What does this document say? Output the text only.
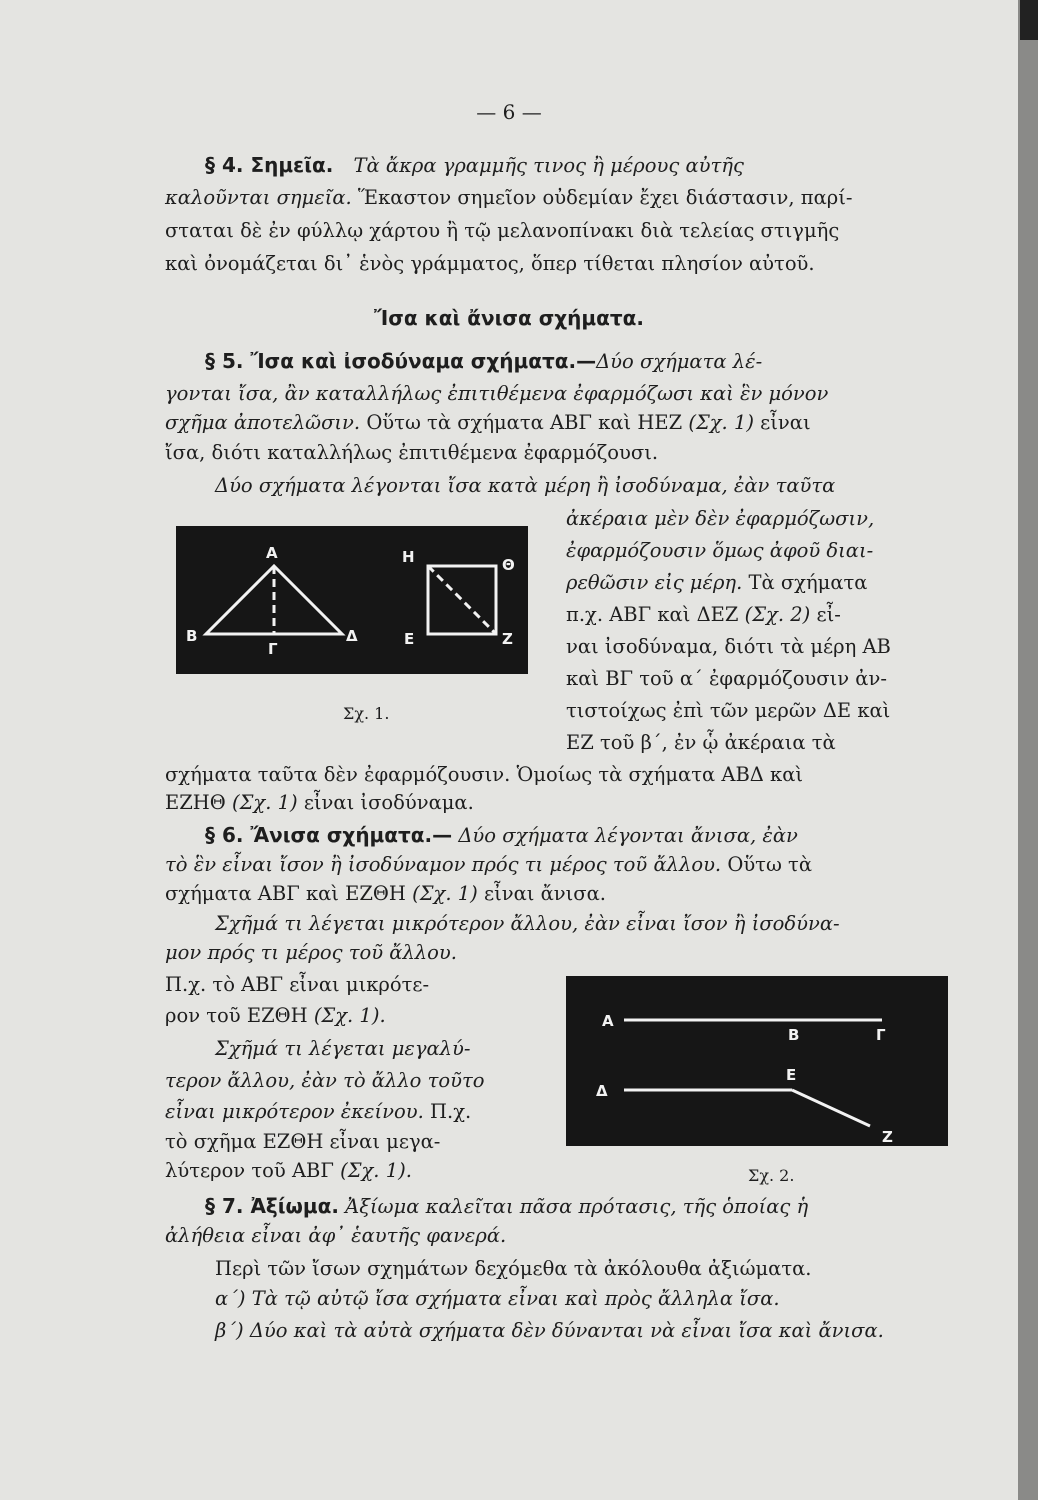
— 6 —
§ 4. Σημεῖα. Τὰ ἄκρα γραμμῆς τινος ἢ μέρους αὐτῆς
καλοῦνται σημεῖα. Ἕκαστον σημεῖον οὐδεμίαν ἔχει διάστασιν, παρί-
σταται δὲ ἐν φύλλῳ χάρτου ἢ τῷ μελανοπίνακι διὰ τελείας στιγμῆς
καὶ ὀνομάζεται δι᾿ ἑνὸς γράμματος, ὅπερ τίθεται πλησίον αὐτοῦ.
Ἴσα καὶ ἄνισα σχήματα.
§ 5. Ἴσα καὶ ἰσοδύναμα σχήματα.—Δύο σχήματα λέ-
γονται ἴσα, ἂν καταλλήλως ἐπιτιθέμενα ἐφαρμόζωσι καὶ ἓν μόνον
σχῆμα ἀποτελῶσιν. Οὕτω τὰ σχήματα ΑΒΓ καὶ ΗΕΖ (Σχ. 1) εἶναι
ἴσα, διότι καταλλήλως ἐπιτιθέμενα ἐφαρμόζουσι.
Δύο σχήματα λέγονται ἴσα κατὰ μέρη ἢ ἰσοδύναμα, ἐὰν ταῦτα
ἀκέραια μὲν δὲν ἐφαρμόζωσιν,
ἐφαρμόζουσιν ὅμως ἀφοῦ διαι-
ρεθῶσιν εἰς μέρη. Τὰ σχήματα
π.χ. ΑΒΓ καὶ ΔΕΖ (Σχ. 2) εἶ-
ναι ἰσοδύναμα, διότι τὰ μέρη ΑΒ
καὶ ΒΓ τοῦ α΄ ἐφαρμόζουσιν ἀν-
τιστοίχως ἐπὶ τῶν μερῶν ΔΕ καὶ
ΕΖ τοῦ β΄, ἐν ᾧ ἀκέραια τὰ
σχήματα ταῦτα δὲν ἐφαρμόζουσιν. Ὁμοίως τὰ σχήματα ΑΒΔ καὶ
ΕΖΗΘ (Σχ. 1) εἶναι ἰσοδύναμα.
Α
Β
Γ
Δ
Η	Θ
Ε	Ζ
Σχ. 1.
§ 6. Ἄνισα σχήματα.— Δύο σχήματα λέγονται ἄνισα, ἐὰν
τὸ ἓν εἶναι ἴσον ἢ ἰσοδύναμον πρός τι μέρος τοῦ ἄλλου. Οὕτω τὰ
σχήματα ΑΒΓ καὶ ΕΖΘΗ (Σχ. 1) εἶναι ἄνισα.
Σχῆμά τι λέγεται μικρότερον ἄλλου, ἐὰν εἶναι ἴσον ἢ ἰσοδύνα-
μον πρός τι μέρος τοῦ ἄλλου.
Π.χ. τὸ ΑΒΓ εἶναι μικρότε-
ρον τοῦ ΕΖΘΗ (Σχ. 1).
Σχῆμά τι λέγεται μεγαλύ-
τερον ἄλλου, ἐὰν τὸ ἄλλο τοῦτο
εἶναι μικρότερον ἐκείνου. Π.χ.
τὸ σχῆμα ΕΖΘΗ εἶναι μεγα-
λύτερον τοῦ ΑΒΓ (Σχ. 1).
Α
Β	Γ
Δ
Ε
Ζ
Σχ. 2.
§ 7. Ἀξίωμα. Ἀξίωμα καλεῖται πᾶσα πρότασις, τῆς ὁποίας ἡ
ἀλήθεια εἶναι ἀφ᾿ ἑαυτῆς φανερά.
Περὶ τῶν ἴσων σχημάτων δεχόμεθα τὰ ἀκόλουθα ἀξιώματα.
α΄) Τὰ τῷ αὐτῷ ἴσα σχήματα εἶναι καὶ πρὸς ἄλληλα ἴσα.
β΄) Δύο καὶ τὰ αὐτὰ σχήματα δὲν δύνανται νὰ εἶναι ἴσα καὶ ἄνισα.
